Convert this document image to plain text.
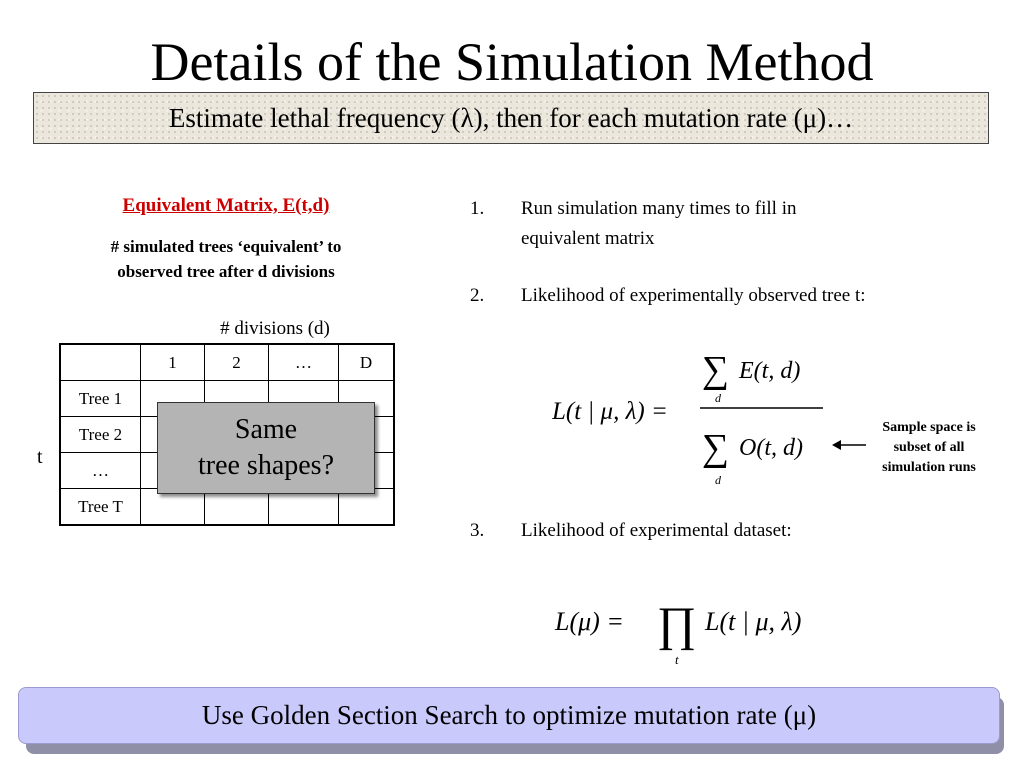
Details of the Simulation Method
Estimate lethal frequency (λ), then for each mutation rate (μ)…
Equivalent Matrix, E(t,d)
# simulated trees ‘equivalent’ to
observed tree after d divisions
# divisions (d)
t
	1	2	…	D
Tree 1				
Tree 2				
…				
Tree T				
Same
tree shapes?
1.	Run simulation many times to fill in
equivalent matrix
2.	Likelihood of experimentally observed tree t:
3.	Likelihood of experimental dataset:
L(t | μ, λ) =
∑ E(t, d)
d
∑ O(t, d)
d
Sample space is
subset of all
simulation runs
L(μ) = ∏
t
L(t | μ, λ)
Use Golden Section Search to optimize mutation rate (μ)
